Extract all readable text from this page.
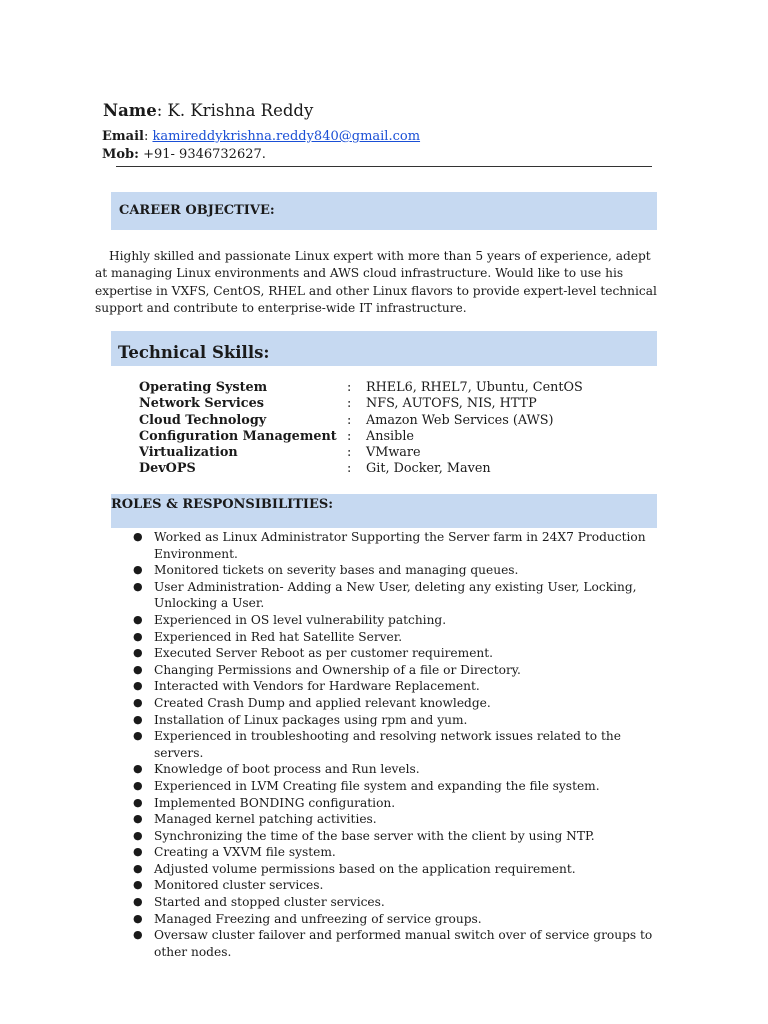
Name: K. Krishna Reddy
Email: kamireddykrishna.reddy840@gmail.com
Mob: +91- 9346732627.
CAREER OBJECTIVE:
Highly skilled and passionate Linux expert with more than 5 years of experience, adept at managing Linux environments and AWS cloud infrastructure. Would like to use his expertise in VXFS, CentOS, RHEL and other Linux flavors to provide expert-level technical support and contribute to enterprise-wide IT infrastructure.
Technical Skills:
Operating System	: RHEL6, RHEL7, Ubuntu, CentOS
Network Services	: NFS, AUTOFS, NIS, HTTP
Cloud Technology	: Amazon Web Services (AWS)
Configuration Management : Ansible
Virtualization	: VMware
DevOPS	: Git, Docker, Maven
ROLES & RESPONSIBILITIES:
● Worked as Linux Administrator Supporting the Server farm in 24X7 Production Environment.
● Monitored tickets on severity bases and managing queues.
● User Administration- Adding a New User, deleting any existing User, Locking, Unlocking a User.
● Experienced in OS level vulnerability patching.
● Experienced in Red hat Satellite Server.
● Executed Server Reboot as per customer requirement.
● Changing Permissions and Ownership of a file or Directory.
● Interacted with Vendors for Hardware Replacement.
● Created Crash Dump and applied relevant knowledge.
● Installation of Linux packages using rpm and yum.
● Experienced in troubleshooting and resolving network issues related to the servers.
● Knowledge of boot process and Run levels.
● Experienced in LVM Creating file system and expanding the file system.
● Implemented BONDING configuration.
● Managed kernel patching activities.
● Synchronizing the time of the base server with the client by using NTP.
● Creating a VXVM file system.
● Adjusted volume permissions based on the application requirement.
● Monitored cluster services.
● Started and stopped cluster services.
● Managed Freezing and unfreezing of service groups.
● Oversaw cluster failover and performed manual switch over of service groups to other nodes.
